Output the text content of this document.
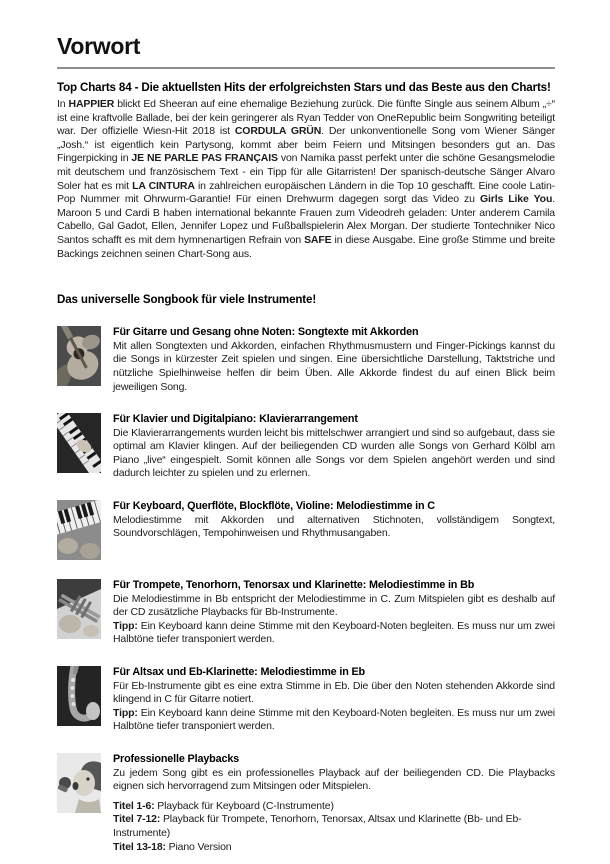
Vorwort
Top Charts 84 - Die aktuellsten Hits der erfolgreichsten Stars und das Beste aus den Charts!

In HAPPIER blickt Ed Sheeran auf eine ehemalige Beziehung zurück. Die fünfte Single aus seinem Album „÷“ ist eine kraftvolle Ballade, bei der kein geringerer als Ryan Tedder von OneRepublic beim Songwriting beteiligt war. Der offizielle Wiesn-Hit 2018 ist CORDULA GRÜN. Der unkonventionelle Song vom Wiener Sänger „Josh.“ ist eigentlich kein Partysong, kommt aber beim Feiern und Mitsingen besonders gut an. Das Fingerpicking in JE NE PARLE PAS FRANÇAIS von Namika passt perfekt unter die schöne Gesangsmelodie mit deutschem und französischem Text - ein Tipp für alle Gitarristen! Der spanisch-deutsche Sänger Alvaro Soler hat es mit LA CINTURA in zahlreichen europäischen Ländern in die Top 10 geschafft. Eine coole Latin-Pop Nummer mit Ohrwurm-Garantie! Für einen Drehwurm dagegen sorgt das Video zu Girls Like You. Maroon 5 und Cardi B haben international bekannte Frauen zum Videodreh geladen: Unter anderem Camila Cabello, Gal Gadot, Ellen, Jennifer Lopez und Fußballspielerin Alex Morgan. Der studierte Tontechniker Nico Santos schafft es mit dem hymnenartigen Refrain von SAFE in diese Ausgabe. Eine große Stimme und breite Backings zeichnen seinen Chart-Song aus.

Das universelle Songbook für viele Instrumente!
Für Gitarre und Gesang ohne Noten: Songtexte mit Akkorden

Mit allen Songtexten und Akkorden, einfachen Rhythmusmustern und Finger-Pickings kannst du die Songs in kürzester Zeit spielen und singen. Eine übersichtliche Darstellung, Taktstriche und nützliche Spielhinweise helfen dir beim Üben. Alle Akkorde findest du auf einen Blick beim jeweiligen Song.

Für Klavier und Digitalpiano: Klavierarrangement

Die Klavierarrangements wurden leicht bis mittelschwer arrangiert und sind so aufgebaut, dass sie optimal am Klavier klingen. Auf der beiliegenden CD wurden alle Songs von Gerhard Kölbl am Piano „live“ eingespielt. Somit können alle Songs vor dem Spielen angehört werden und sind dadurch leichter zu spielen und zu erlernen.

Für Keyboard, Querflöte, Blockflöte, Violine: Melodiestimme in C

Melodiestimme mit Akkorden und alternativen Stichnoten, vollständigem Songtext, Soundvorschlägen, Tempohinweisen und Rhythmusangaben.

Für Trompete, Tenorhorn, Tenorsax und Klarinette: Melodiestimme in Bb

Die Melodiestimme in Bb entspricht der Melodiestimme in C. Zum Mitspielen gibt es deshalb auf der CD zusätzliche Playbacks für Bb-Instrumente.

Tipp: Ein Keyboard kann deine Stimme mit den Keyboard-Noten begleiten. Es muss nur um zwei Halbtöne tiefer transponiert werden.

Für Altsax und Eb-Klarinette: Melodiestimme in Eb

Für Eb-Instrumente gibt es eine extra Stimme in Eb. Die über den Noten stehenden Akkorde sind klingend in C für Gitarre notiert.

Tipp: Ein Keyboard kann deine Stimme mit den Keyboard-Noten begleiten. Es muss nur um zwei Halbtöne tiefer transponiert werden.

Professionelle Playbacks

Zu jedem Song gibt es ein professionelles Playback auf der beiliegenden CD. Die Playbacks eignen sich hervorragend zum Mitsingen oder Mitspielen.

Titel 1-6: Playback für Keyboard (C-Instrumente)
Titel 7-12: Playback für Trompete, Tenorhorn, Tenorsax, Altsax und Klarinette (Bb- und Eb-Instrumente)
Titel 13-18: Piano Version
